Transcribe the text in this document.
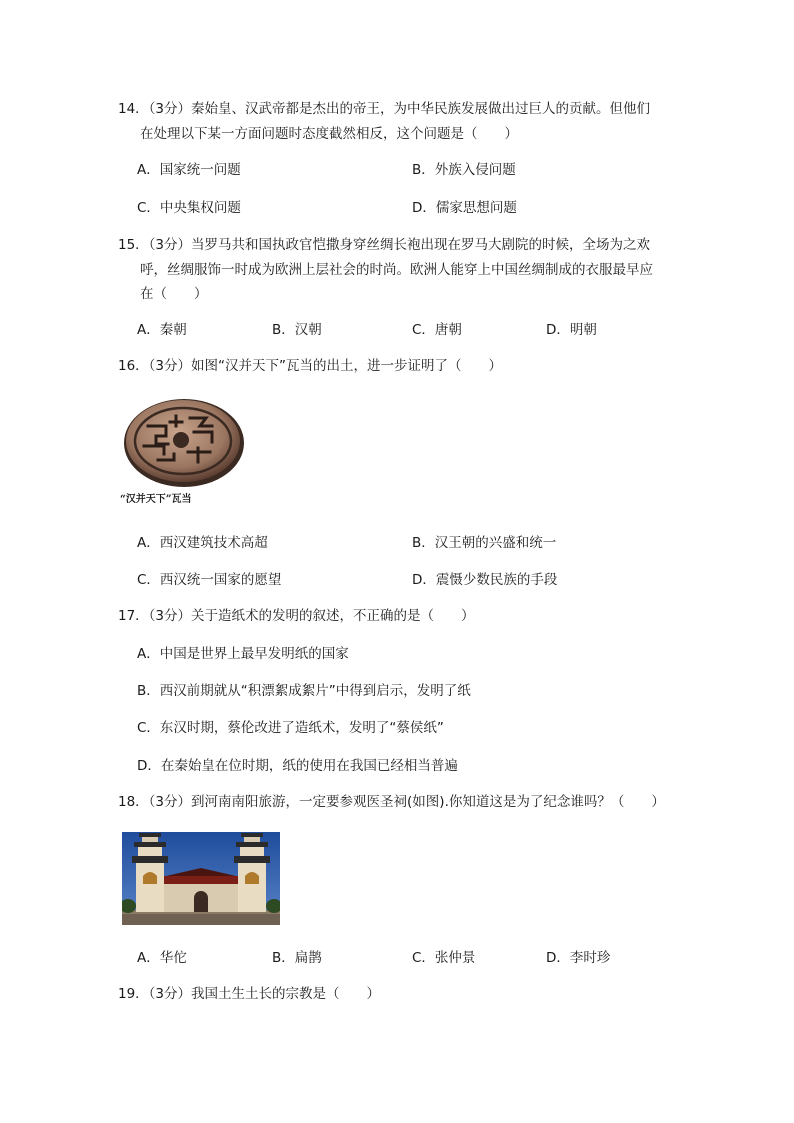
14．（3分）秦始皇、汉武帝都是杰出的帝王，为中华民族发展做出过巨人的贡献。但他们
在处理以下某一方面问题时态度截然相反，这个问题是（　　）
A．国家统一问题	B．外族入侵问题
C．中央集权问题	D．儒家思想问题
15．（3分）当罗马共和国执政官恺撒身穿丝绸长袍出现在罗马大剧院的时候，全场为之欢
呼，丝绸服饰一时成为欧洲上层社会的时尚。欧洲人能穿上中国丝绸制成的衣服最早应
在（　　）
A．秦朝	B．汉朝	C．唐朝	D．明朝
16．（3分）如图“汉并天下”瓦当的出土，进一步证明了（　　）
“汉并天下”瓦当
A．西汉建筑技术高超	B．汉王朝的兴盛和统一
C．西汉统一国家的愿望	D．震慑少数民族的手段
17．（3分）关于造纸术的发明的叙述，不正确的是（　　）
A．中国是世界上最早发明纸的国家
B．西汉前期就从“积漂絮成絮片”中得到启示，发明了纸
C．东汉时期，蔡伦改进了造纸术，发明了“蔡侯纸”
D．在秦始皇在位时期，纸的使用在我国已经相当普遍
18．（3分）到河南南阳旅游，一定要参观医圣祠(如图).你知道这是为了纪念谁吗？（　　）
A．华佗	B．扁鹊	C．张仲景	D．李时珍
19．（3分）我国土生土长的宗教是（　　）
